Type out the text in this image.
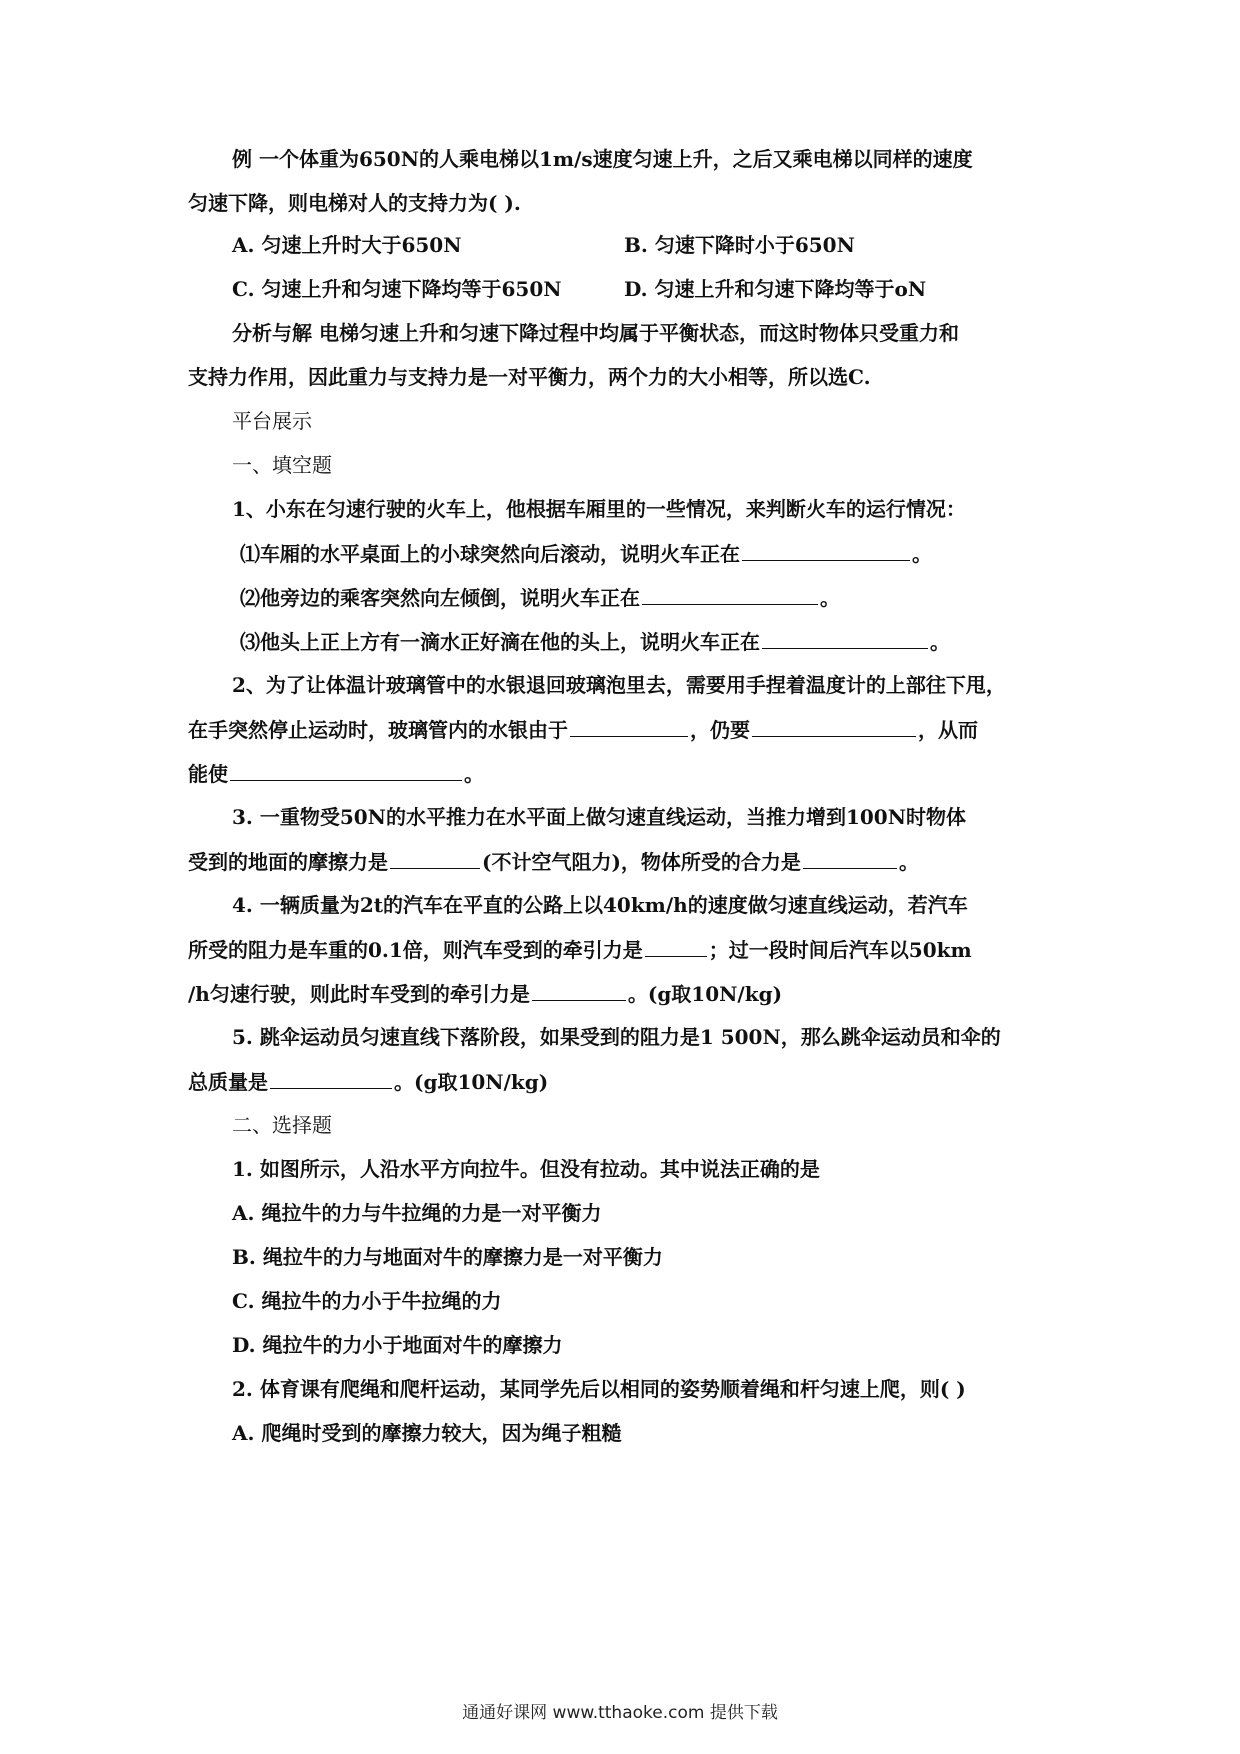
例 一个体重为650N的人乘电梯以1m/s速度匀速上升，之后又乘电梯以同样的速度
匀速下降，则电梯对人的支持力为( ).
A. 匀速上升时大于650N	B. 匀速下降时小于650N
C. 匀速上升和匀速下降均等于650N	D. 匀速上升和匀速下降均等于oN
分析与解 电梯匀速上升和匀速下降过程中均属于平衡状态，而这时物体只受重力和
支持力作用，因此重力与支持力是一对平衡力，两个力的大小相等，所以选C.
平台展示
一、填空题
1、小东在匀速行驶的火车上，他根据车厢里的一些情况，来判断火车的运行情况：
⑴车厢的水平桌面上的小球突然向后滚动，说明火车正在	。
⑵他旁边的乘客突然向左倾倒，说明火车正在	。
⑶他头上正上方有一滴水正好滴在他的头上，说明火车正在	。
2、为了让体温计玻璃管中的水银退回玻璃泡里去，需要用手捏着温度计的上部往下甩，
在手突然停止运动时，玻璃管内的水银由于	，仍要	，从而
能使	。
3. 一重物受50N的水平推力在水平面上做匀速直线运动，当推力增到100N时物体
受到的地面的摩擦力是	(不计空气阻力)，物体所受的合力是	。
4. 一辆质量为2t的汽车在平直的公路上以40km/h的速度做匀速直线运动，若汽车
所受的阻力是车重的0.1倍，则汽车受到的牵引力是	；过一段时间后汽车以50km
/h匀速行驶，则此时车受到的牵引力是	。(g取10N/kg)
5. 跳伞运动员匀速直线下落阶段，如果受到的阻力是1 500N，那么跳伞运动员和伞的
总质量是	。(g取10N/kg)
二、选择题
1. 如图所示，人沿水平方向拉牛。但没有拉动。其中说法正确的是
A. 绳拉牛的力与牛拉绳的力是一对平衡力
B. 绳拉牛的力与地面对牛的摩擦力是一对平衡力
C. 绳拉牛的力小于牛拉绳的力
D. 绳拉牛的力小于地面对牛的摩擦力
2. 体育课有爬绳和爬杆运动，某同学先后以相同的姿势顺着绳和杆匀速上爬，则( )
A. 爬绳时受到的摩擦力较大，因为绳子粗糙
通通好课网 www.tthaoke.com 提供下载
